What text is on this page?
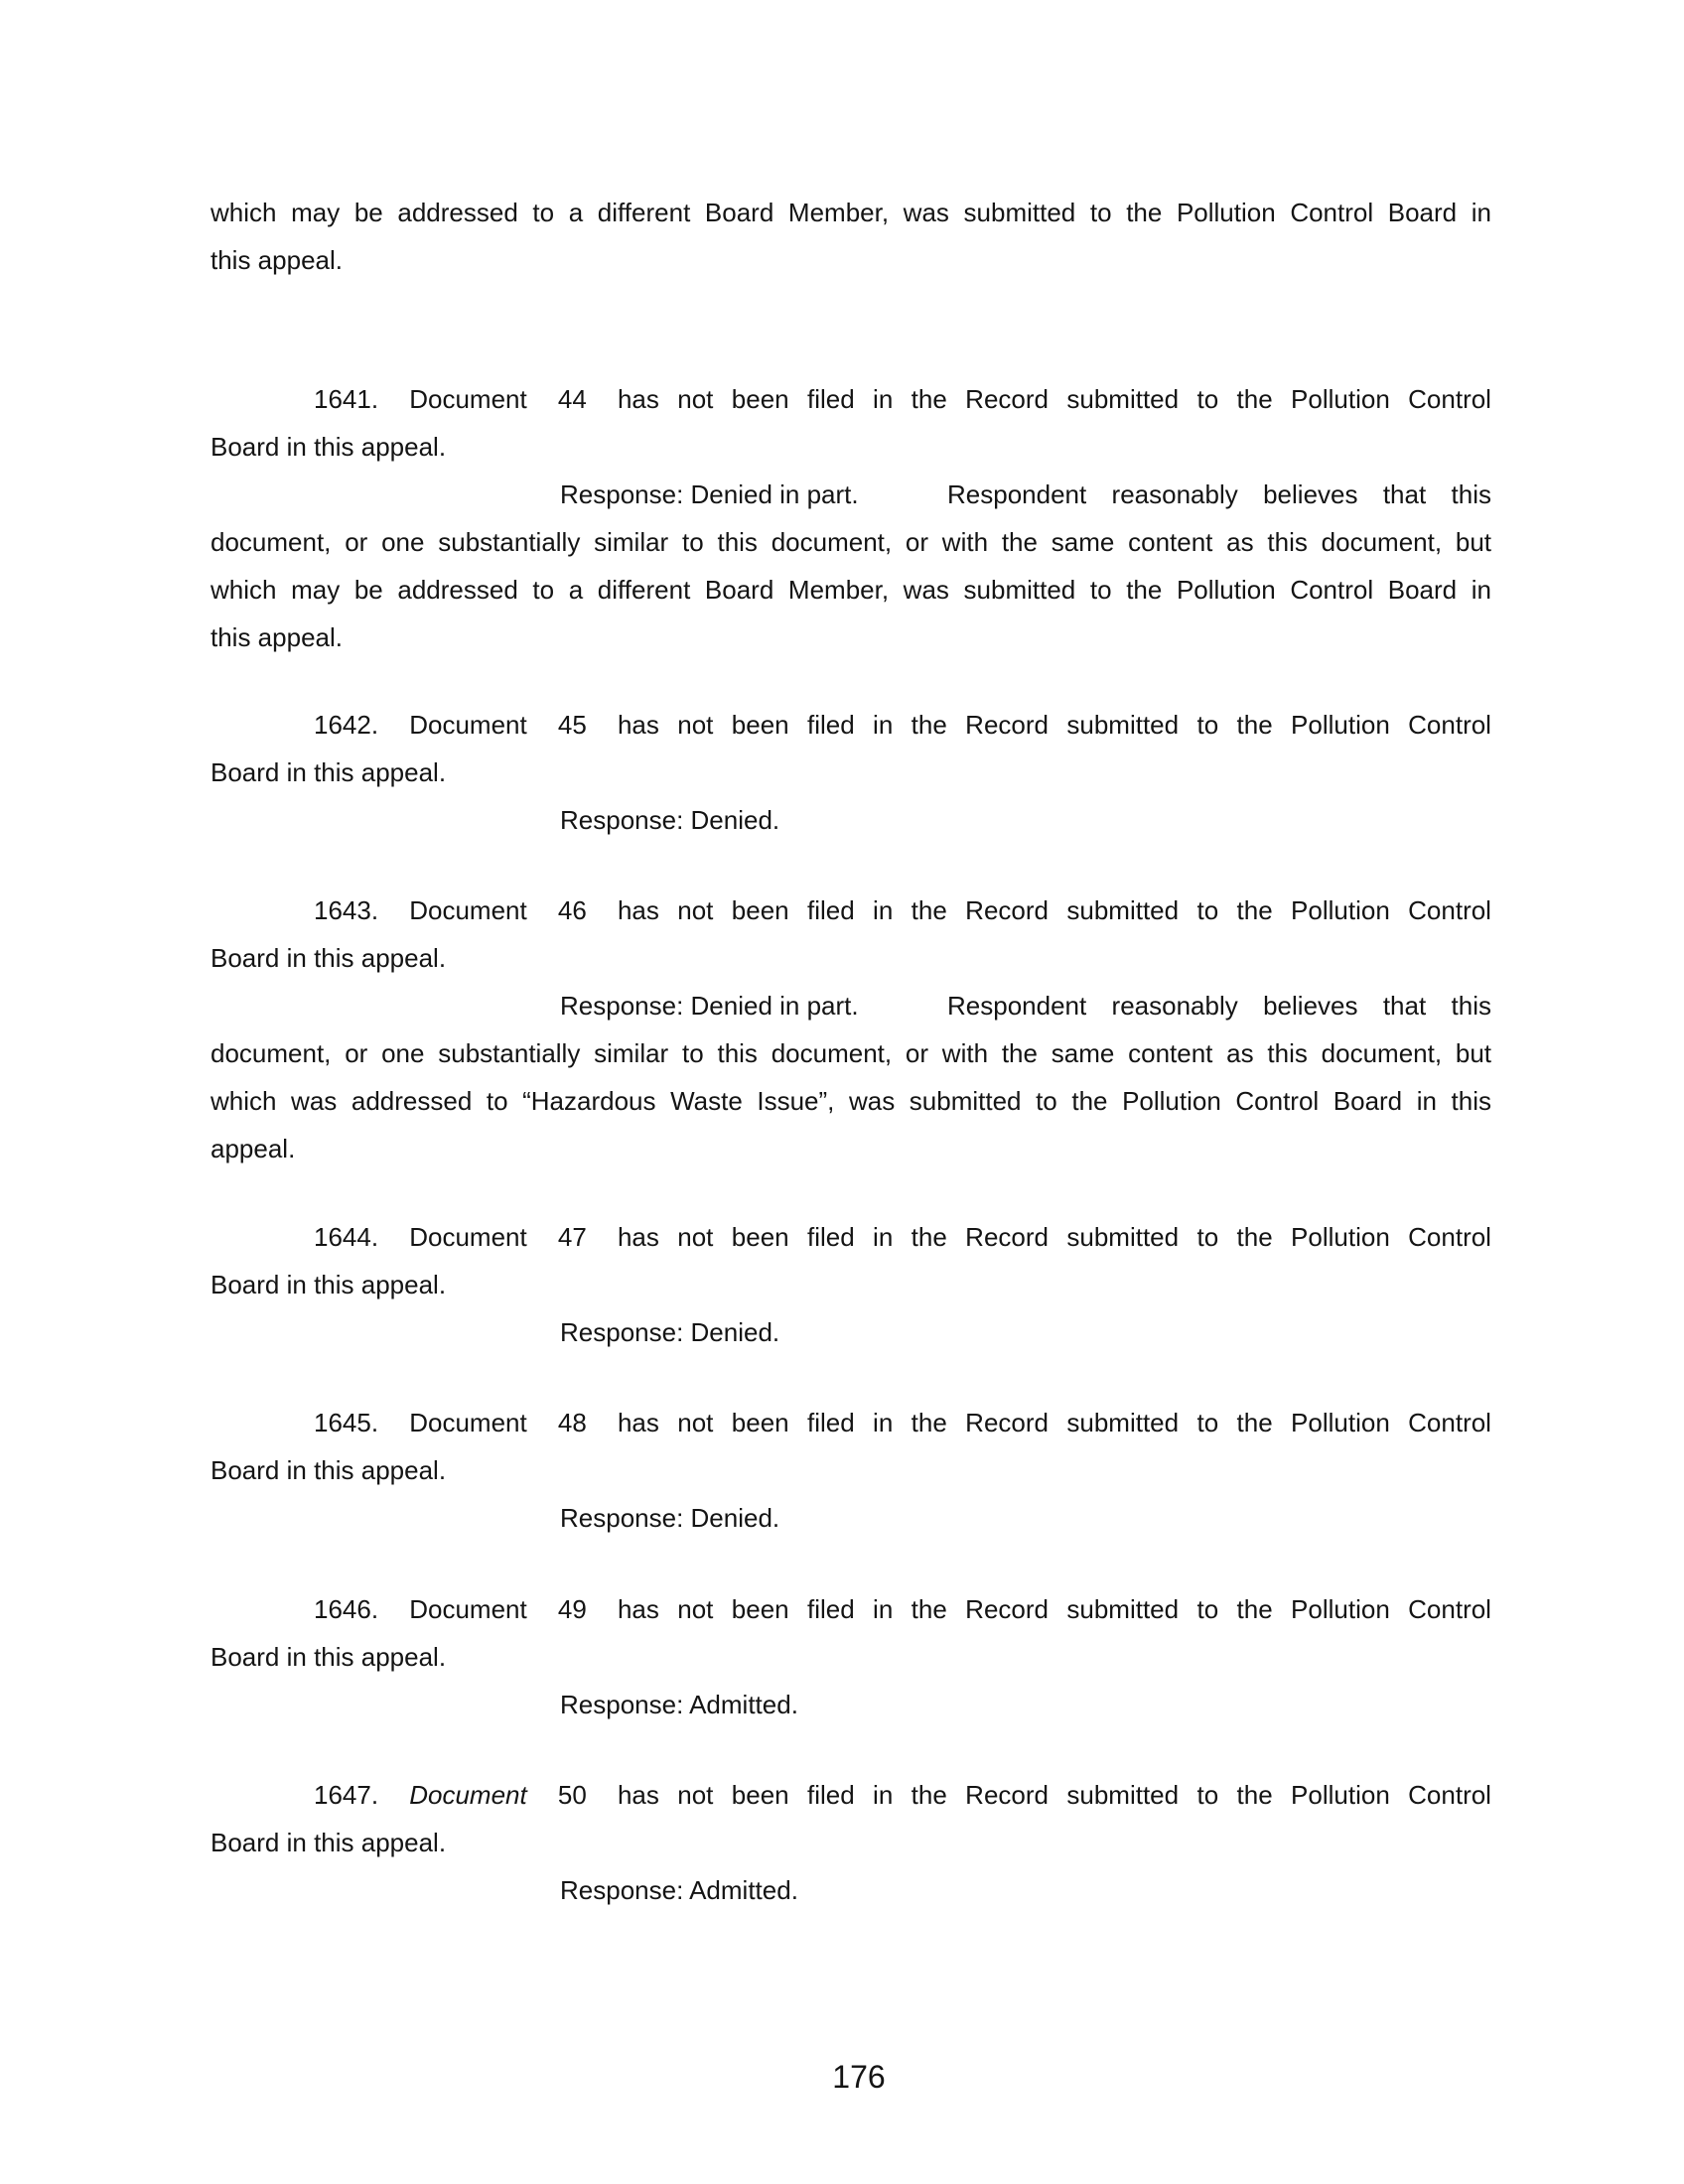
which may be addressed to a different Board Member, was submitted to the Pollution Control Board in
this appeal.
1641. Document 44 has not been filed in the Record submitted to the Pollution Control
Board in this appeal.
Response: Denied in part.	Respondent reasonably believes that this
document, or one substantially similar to this document, or with the same content as this document, but
which may be addressed to a different Board Member, was submitted to the Pollution Control Board in
this appeal.
1642. Document 45 has not been filed in the Record submitted to the Pollution Control
Board in this appeal.
Response: Denied.
1643. Document 46 has not been filed in the Record submitted to the Pollution Control
Board in this appeal.
Response: Denied in part.	Respondent reasonably believes that this
document, or one substantially similar to this document, or with the same content as this document, but
which was addressed to “Hazardous Waste Issue”, was submitted to the Pollution Control Board in this
appeal.
1644. Document 47 has not been filed in the Record submitted to the Pollution Control
Board in this appeal.
Response: Denied.
1645. Document 48 has not been filed in the Record submitted to the Pollution Control
Board in this appeal.
Response: Denied.
1646. Document 49 has not been filed in the Record submitted to the Pollution Control
Board in this appeal.
Response: Admitted.
1647. Document 50 has not been filed in the Record submitted to the Pollution Control
Board in this appeal.
Response: Admitted.
176
